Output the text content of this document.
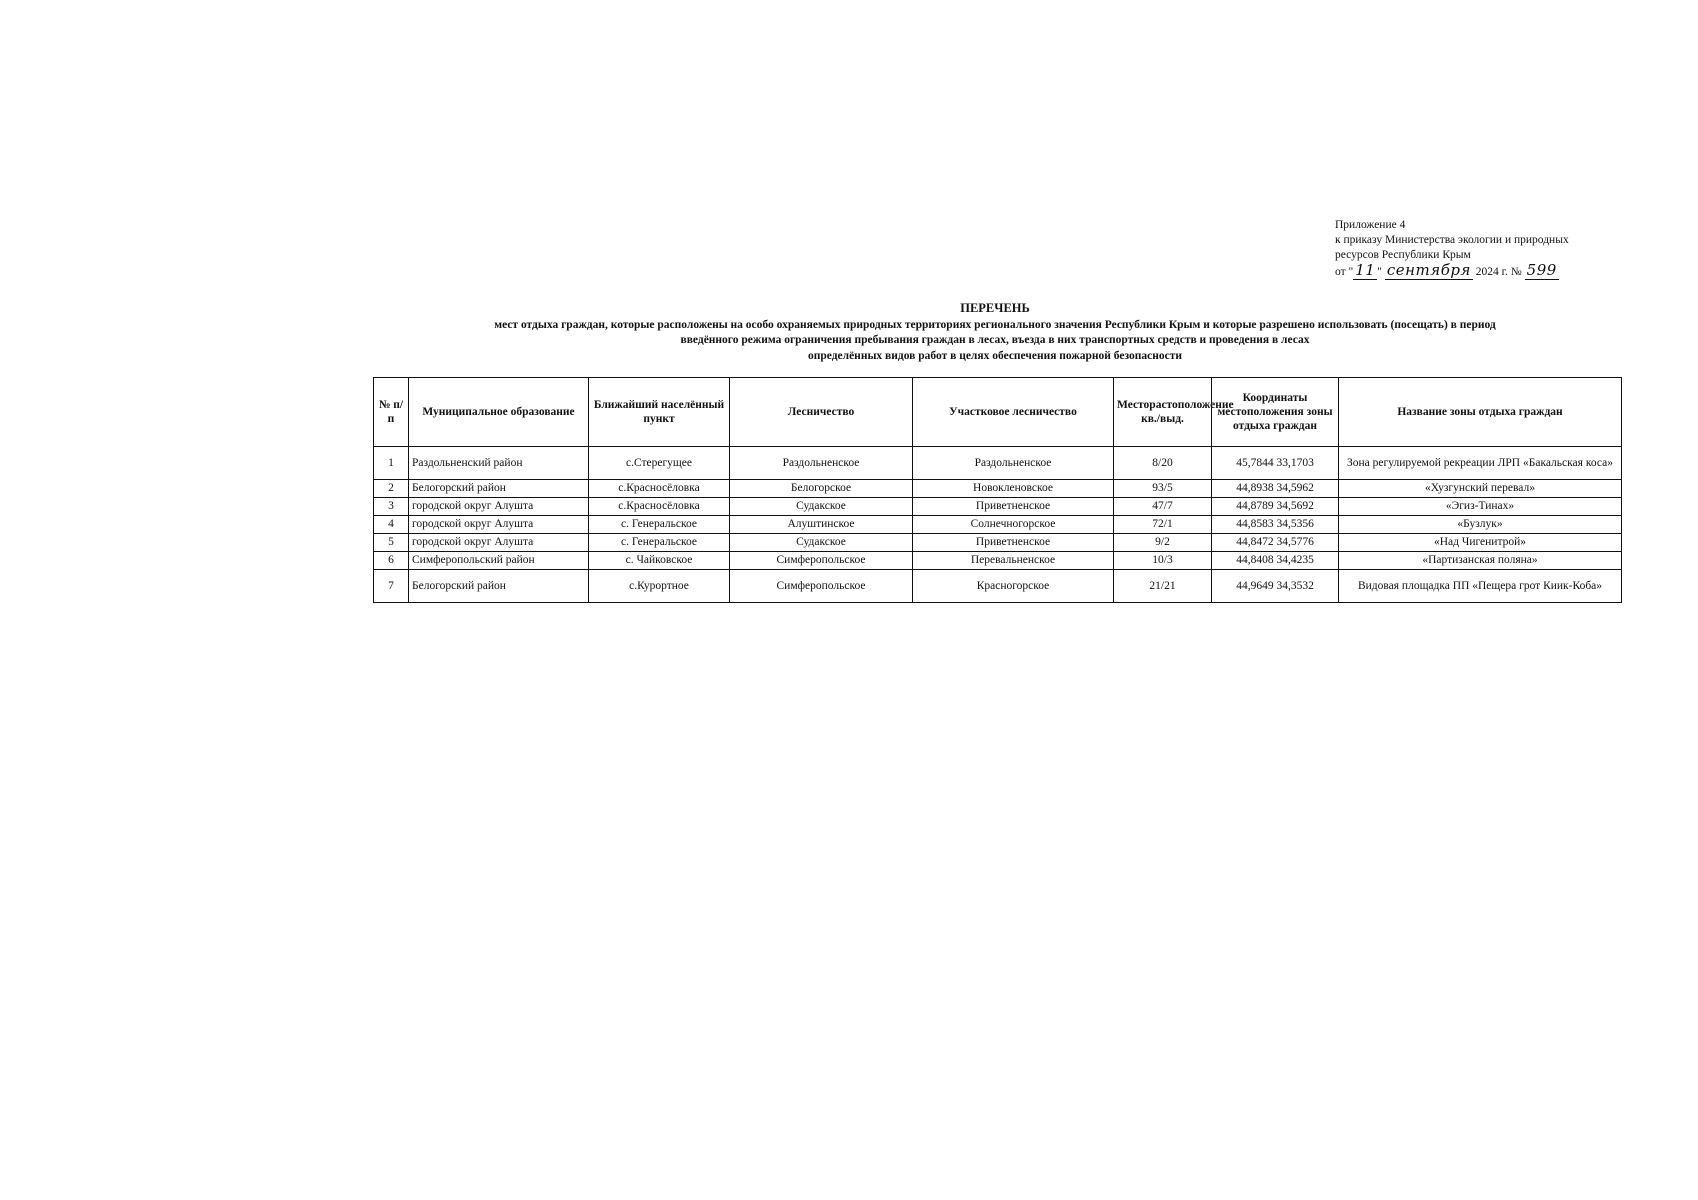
Приложение 4
к приказу Министерства экологии и природных
ресурсов Республики Крым
от " 11 " сентября 2024 г. № 599
ПЕРЕЧЕНЬ
мест отдыха граждан, которые расположены на особо охраняемых природных территориях регионального значения Республики Крым и которые разрешено использовать (посещать) в период
введённого режима ограничения пребывания граждан в лесах, въезда в них транспортных средств и проведения в лесах
определённых видов работ в целях обеспечения пожарной безопасности
№ п/п	Муниципальное образование	Ближайший населённый пункт	Лесничество	Участковое лесничество	Месторастоположение кв./выд.	Координаты местоположения зоны отдыха граждан	Название зоны отдыха граждан
1	Раздольненский район	с.Стерегущее	Раздольненское	Раздольненское	8/20	45,7844 33,1703	Зона регулируемой рекреации ЛРП «Бакальская коса»
2	Белогорский район	с.Красносёловка	Белогорское	Новокленовское	93/5	44,8938 34,5962	«Хузгунский перевал»
3	городской округ Алушта	с.Красносёловка	Судакское	Приветненское	47/7	44,8789 34,5692	«Эгиз-Тинах»
4	городской округ Алушта	с. Генеральское	Алуштинское	Солнечногорское	72/1	44,8583 34,5356	«Бузлук»
5	городской округ Алушта	с. Генеральское	Судакское	Приветненское	9/2	44,8472 34,5776	«Над Чигенитрой»
6	Симферопольский район	с. Чайковское	Симферопольское	Перевальненское	10/3	44,8408 34,4235	«Партизанская поляна»
7	Белогорский район	с.Курортное	Симферопольское	Красногорское	21/21	44,9649 34,3532	Видовая площадка ПП «Пещера грот Киик-Коба»
